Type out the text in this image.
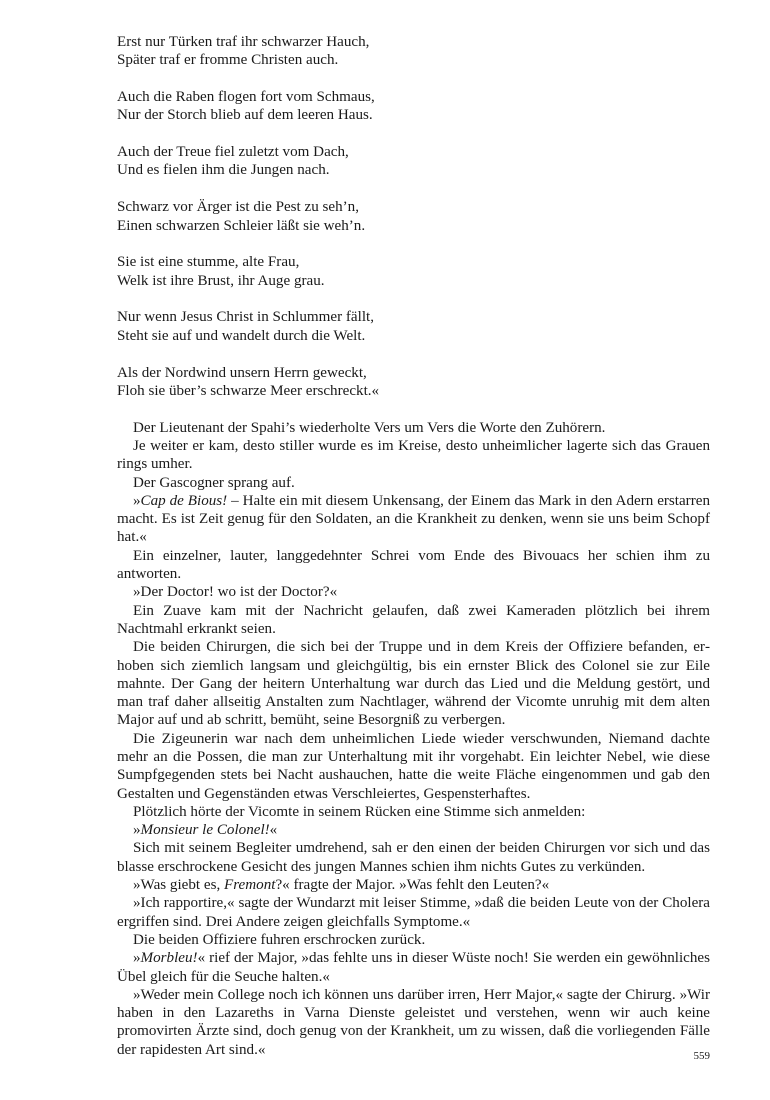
Erst nur Türken traf ihr schwarzer Hauch,
Später traf er fromme Christen auch.
Auch die Raben flogen fort vom Schmaus,
Nur der Storch blieb auf dem leeren Haus.
Auch der Treue fiel zuletzt vom Dach,
Und es fielen ihm die Jungen nach.
Schwarz vor Ärger ist die Pest zu seh’n,
Einen schwarzen Schleier läßt sie weh’n.
Sie ist eine stumme, alte Frau,
Welk ist ihre Brust, ihr Auge grau.
Nur wenn Jesus Christ in Schlummer fällt,
Steht sie auf und wandelt durch die Welt.
Als der Nordwind unsern Herrn geweckt,
Floh sie über’s schwarze Meer erschreckt.«

Der Lieutenant der Spahi’s wiederholte Vers um Vers die Worte den Zuhörern.

Je weiter er kam, desto stiller wurde es im Kreise, desto unheimlicher lagerte sich das Grauen rings umher.

Der Gascogner sprang auf.

»Cap de Bious! – Halte ein mit diesem Unkensang, der Einem das Mark in den Adern erstarren macht. Es ist Zeit genug für den Soldaten, an die Krankheit zu denken, wenn sie uns beim Schopf hat.«

Ein einzelner, lauter, langgedehnter Schrei vom Ende des Bivouacs her schien ihm zu antworten.

»Der Doctor! wo ist der Doctor?«

Ein Zuave kam mit der Nachricht gelaufen, daß zwei Kameraden plötzlich bei ihrem Nachtmahl erkrankt seien.

Die beiden Chirurgen, die sich bei der Truppe und in dem Kreis der Offiziere befanden, erhoben sich ziemlich langsam und gleichgültig, bis ein ernster Blick des Colonel sie zur Eile mahnte. Der Gang der heitern Unterhaltung war durch das Lied und die Meldung gestört, und man traf daher allseitig Anstalten zum Nachtlager, während der Vicomte unruhig mit dem alten Major auf und ab schritt, bemüht, seine Besorgniß zu verbergen.

Die Zigeunerin war nach dem unheimlichen Liede wieder verschwunden, Niemand dachte mehr an die Possen, die man zur Unterhaltung mit ihr vorgehabt. Ein leichter Nebel, wie diese Sumpfgegenden stets bei Nacht aushauchen, hatte die weite Fläche eingenommen und gab den Gestalten und Gegenständen etwas Verschleiertes, Gespensterhaftes.

Plötzlich hörte der Vicomte in seinem Rücken eine Stimme sich anmelden:

»Monsieur le Colonel!«

Sich mit seinem Begleiter umdrehend, sah er den einen der beiden Chirurgen vor sich und das blasse erschrockene Gesicht des jungen Mannes schien ihm nichts Gutes zu verkünden.

»Was giebt es, Fremont?« fragte der Major. »Was fehlt den Leuten?«

»Ich rapportire,« sagte der Wundarzt mit leiser Stimme, »daß die beiden Leute von der Cholera ergriffen sind. Drei Andere zeigen gleichfalls Symptome.«

Die beiden Offiziere fuhren erschrocken zurück.

»Morbleu!« rief der Major, »das fehlte uns in dieser Wüste noch! Sie werden ein gewöhnliches Übel gleich für die Seuche halten.«

»Weder mein College noch ich können uns darüber irren, Herr Major,« sagte der Chirurg. »Wir haben in den Lazareths in Varna Dienste geleistet und verstehen, wenn wir auch keine promovirten Ärzte sind, doch genug von der Krankheit, um zu wissen, daß die vorliegenden Fälle der rapidesten Art sind.«	559
